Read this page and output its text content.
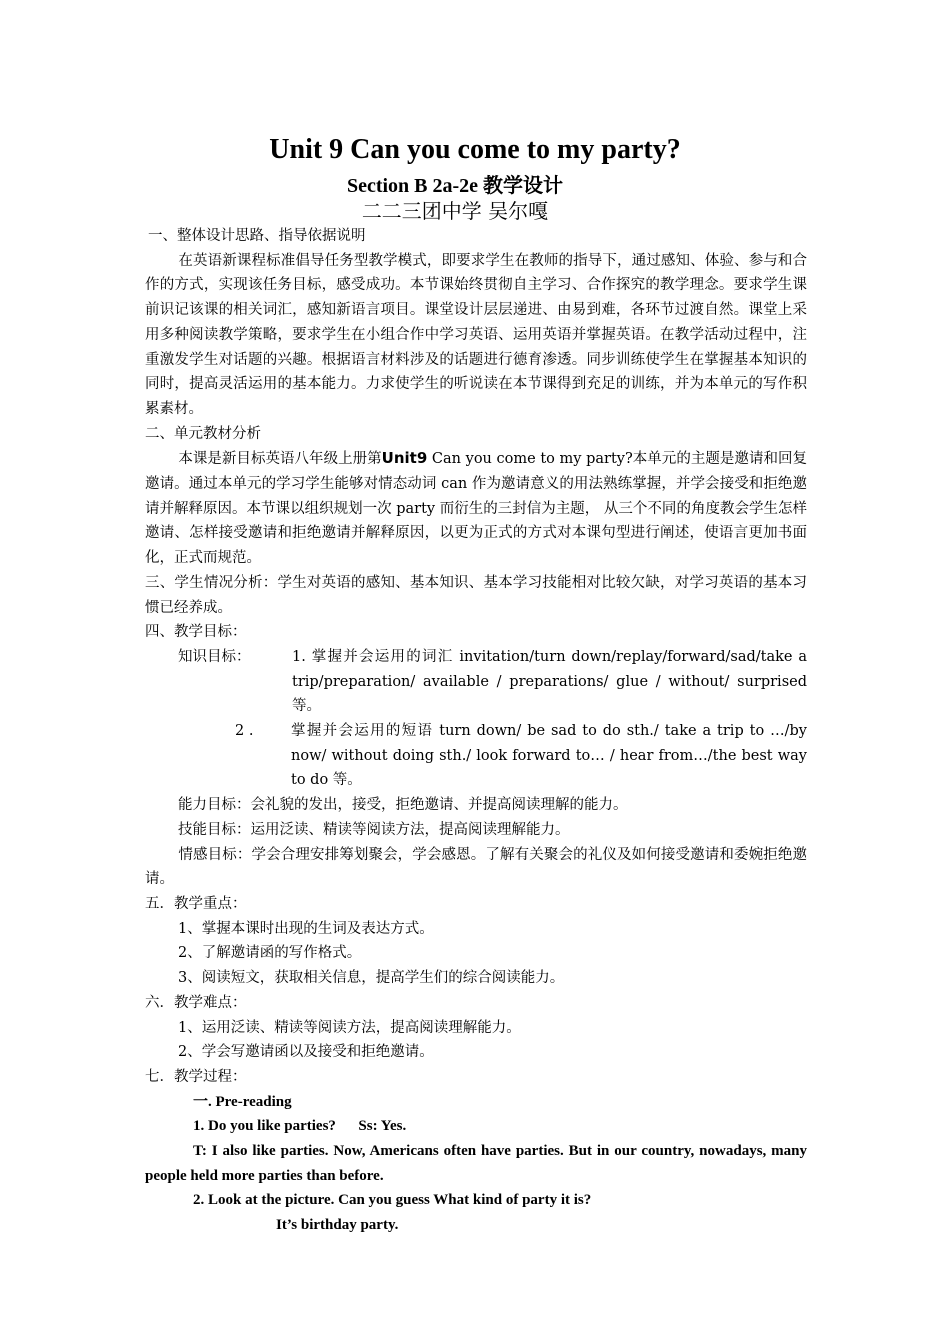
Unit 9 Can you come to my party?
Section B 2a-2e 教学设计
二二三团中学 吴尔嘎

一、整体设计思路、指导依据说明

在英语新课程标准倡导任务型教学模式，即要求学生在教师的指导下，通过感知、体验、参与和合作的方式，实现该任务目标，感受成功。本节课始终贯彻自主学习、合作探究的教学理念。要求学生课前识记该课的相关词汇，感知新语言项目。课堂设计层层递进、由易到难，各环节过渡自然。课堂上采用多种阅读教学策略，要求学生在小组合作中学习英语、运用英语并掌握英语。在教学活动过程中，注重激发学生对话题的兴趣。根据语言材料涉及的话题进行德育渗透。同步训练使学生在掌握基本知识的同时，提高灵活运用的基本能力。力求使学生的听说读在本节课得到充足的训练，并为本单元的写作积累素材。

二、单元教材分析

本课是新目标英语八年级上册第Unit9 Can you come to my party?本单元的主题是邀请和回复邀请。通过本单元的学习学生能够对情态动词 can 作为邀请意义的用法熟练掌握，并学会接受和拒绝邀请并解释原因。本节课以组织规划一次 party 而衍生的三封信为主题， 从三个不同的角度教会学生怎样邀请、怎样接受邀请和拒绝邀请并解释原因，以更为正式的方式对本课句型进行阐述，使语言更加书面化，正式而规范。

三、学生情况分析：学生对英语的感知、基本知识、基本学习技能相对比较欠缺，对学习英语的基本习惯已经养成。

四、教学目标：

知识目标：	1. 掌握并会运用的词汇 invitation/turn down/replay/forward/sad/take a trip/preparation/ available / preparations/ glue / without/ surprised 等。
2 .	掌握并会运用的短语 turn down/ be sad to do sth./ take a trip to …/by now/ without doing sth./ look forward to… / hear from…/the best way to do 等。

能力目标：会礼貌的发出，接受，拒绝邀请、并提高阅读理解的能力。

技能目标：运用泛读、精读等阅读方法，提高阅读理解能力。

情感目标：学会合理安排筹划聚会，学会感恩。了解有关聚会的礼仪及如何接受邀请和委婉拒绝邀请。

五．教学重点：

1、掌握本课时出现的生词及表达方式。

2、了解邀请函的写作格式。

3、阅读短文，获取相关信息，提高学生们的综合阅读能力。

六．教学难点：

1、运用泛读、精读等阅读方法，提高阅读理解能力。

2、学会写邀请函以及接受和拒绝邀请。

七．教学过程：

一. Pre-reading

1. Do you like parties?      Ss: Yes.

T: I also like parties. Now, Americans often have parties. But in our country, nowadays, many people held more parties than before.

2. Look at the picture. Can you guess What kind of party it is?

It’s birthday party.
